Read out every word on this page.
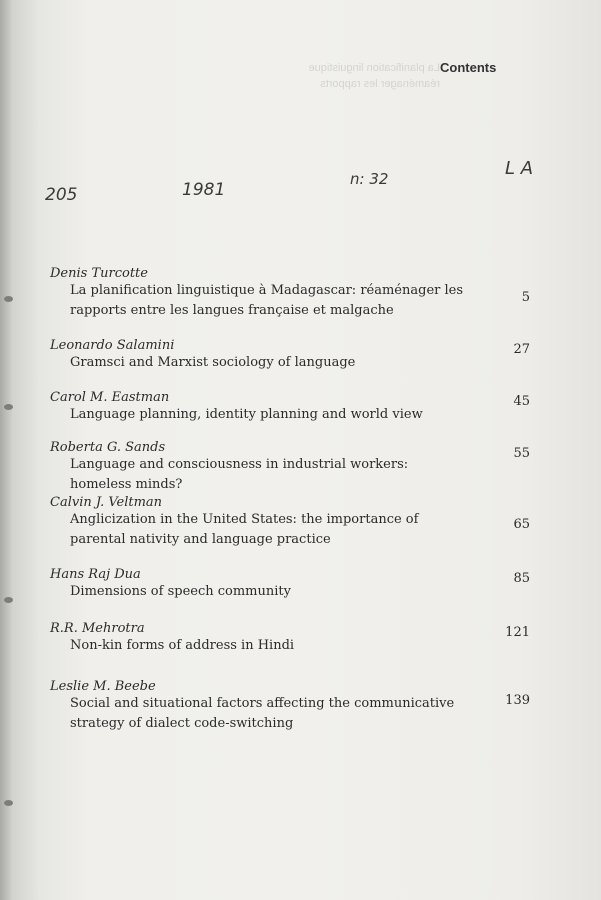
La planification linguistique
réaménager les rapports
Contents
205	1981
n: 32	L A
Denis Turcotte
La planification linguistique à Madagascar: réaménager les rapports entre les langues française et malgache
5
Leonardo Salamini
Gramsci and Marxist sociology of language
27
Carol M. Eastman
Language planning, identity planning and world view
45
Roberta G. Sands
Language and consciousness in industrial workers: homeless minds?
55
Calvin J. Veltman
Anglicization in the United States: the importance of parental nativity and language practice
65
Hans Raj Dua
Dimensions of speech community
85
R.R. Mehrotra
Non-kin forms of address in Hindi
121
Leslie M. Beebe
Social and situational factors affecting the communicative strategy of dialect code-switching
139
